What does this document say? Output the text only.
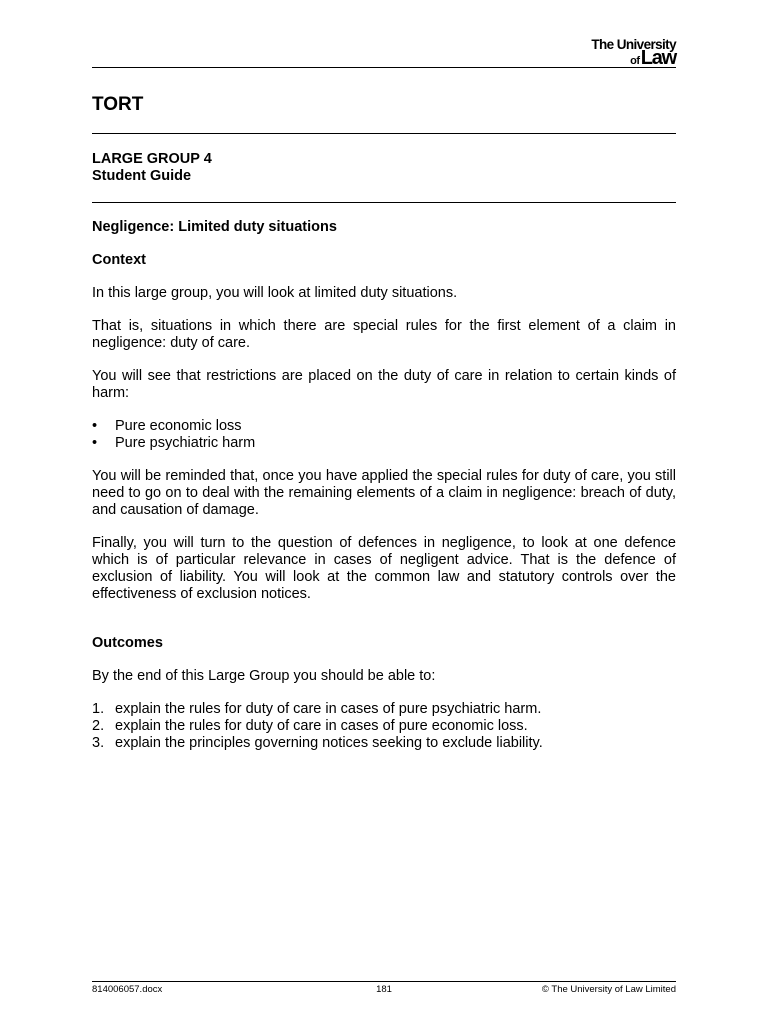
The University
ofLaw
TORT
LARGE GROUP 4
Student Guide
Negligence: Limited duty situations
Context

In this large group, you will look at limited duty situations.

That is, situations in which there are special rules for the first element of a claim in negligence: duty of care.

You will see that restrictions are placed on the duty of care in relation to certain kinds of harm:

• Pure economic loss
• Pure psychiatric harm

You will be reminded that, once you have applied the special rules for duty of care, you still need to go on to deal with the remaining elements of a claim in negligence: breach of duty, and causation of damage.

Finally, you will turn to the question of defences in negligence, to look at one defence which is of particular relevance in cases of negligent advice. That is the defence of exclusion of liability. You will look at the common law and statutory controls over the effectiveness of exclusion notices.

Outcomes

By the end of this Large Group you should be able to:

1. explain the rules for duty of care in cases of pure psychiatric harm.
2. explain the rules for duty of care in cases of pure economic loss.
3. explain the principles governing notices seeking to exclude liability.
814006057.docx	181	© The University of Law Limited
